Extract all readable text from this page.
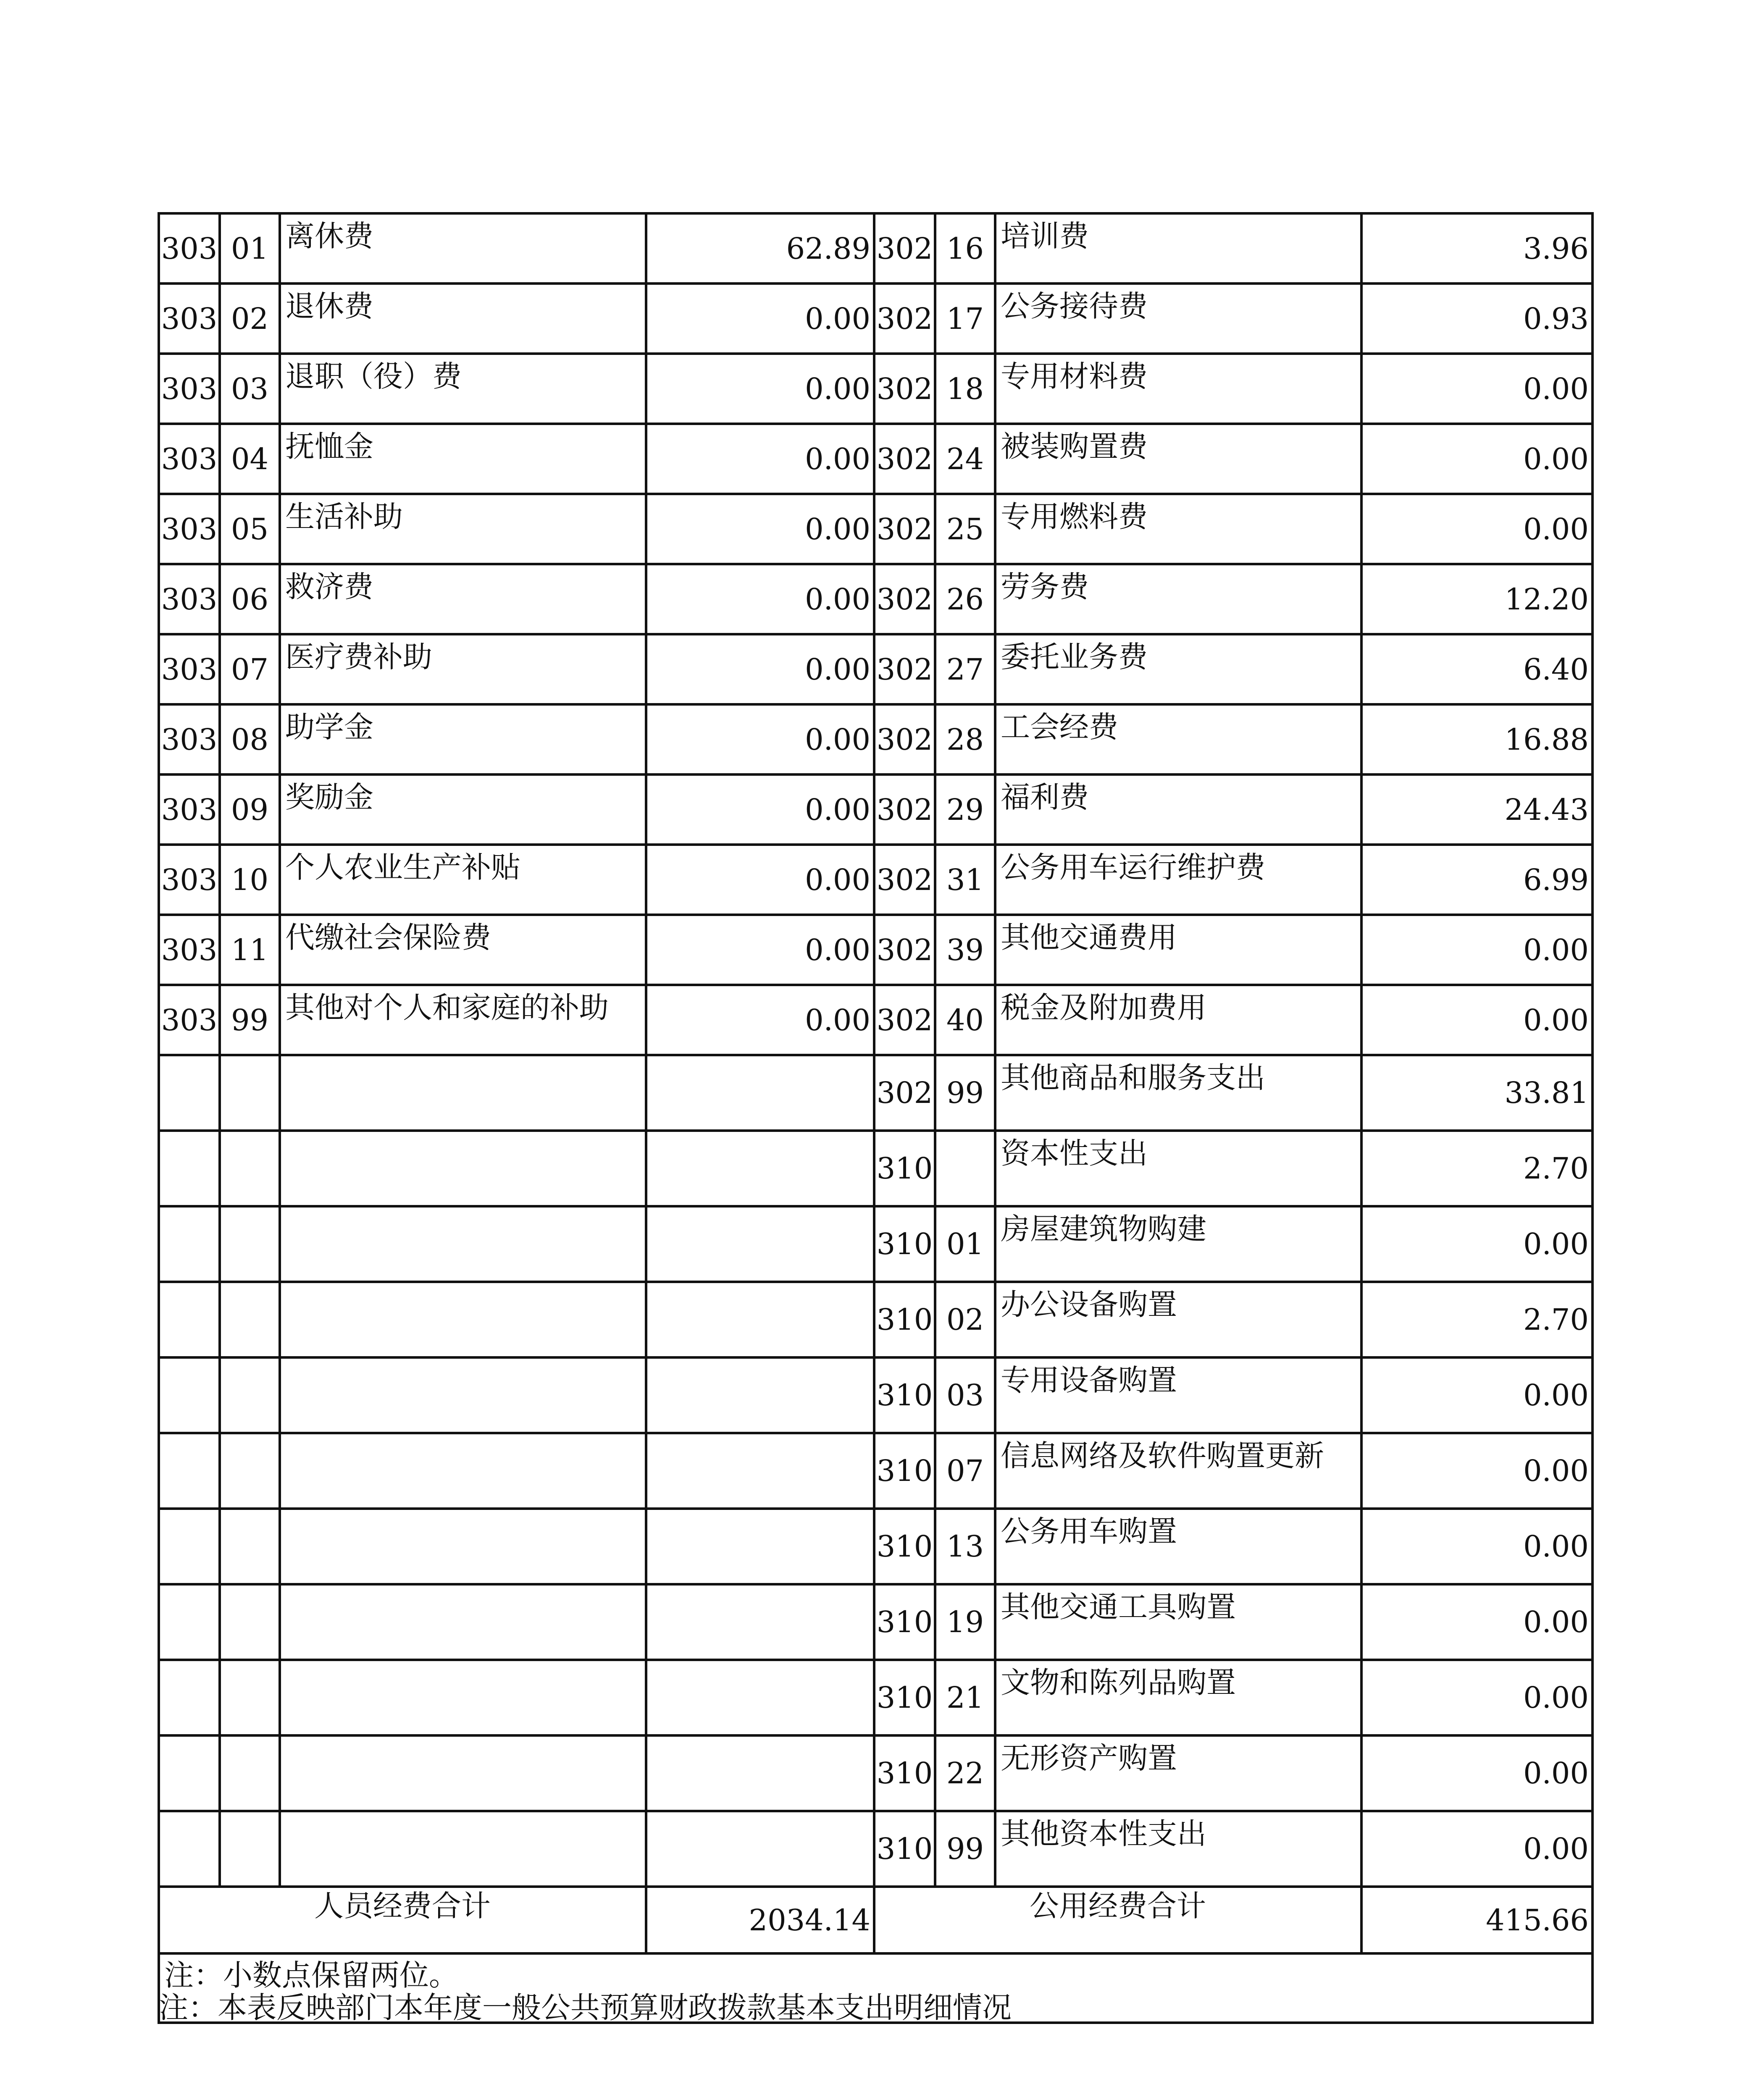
303	01	离休费	62.89	302	16	培训费	3.96
303	02	退休费	0.00	302	17	公务接待费	0.93
303	03	退职（役）费	0.00	302	18	专用材料费	0.00
303	04	抚恤金	0.00	302	24	被装购置费	0.00
303	05	生活补助	0.00	302	25	专用燃料费	0.00
303	06	救济费	0.00	302	26	劳务费	12.20
303	07	医疗费补助	0.00	302	27	委托业务费	6.40
303	08	助学金	0.00	302	28	工会经费	16.88
303	09	奖励金	0.00	302	29	福利费	24.43
303	10	个人农业生产补贴	0.00	302	31	公务用车运行维护费	6.99
303	11	代缴社会保险费	0.00	302	39	其他交通费用	0.00
303	99	其他对个人和家庭的补助	0.00	302	40	税金及附加费用	0.00
				302	99	其他商品和服务支出	33.81
				310		资本性支出	2.70
				310	01	房屋建筑物购建	0.00
				310	02	办公设备购置	2.70
				310	03	专用设备购置	0.00
				310	07	信息网络及软件购置更新	0.00
				310	13	公务用车购置	0.00
				310	19	其他交通工具购置	0.00
				310	21	文物和陈列品购置	0.00
				310	22	无形资产购置	0.00
				310	99	其他资本性支出	0.00
人员经费合计			2034.14	公用经费合计			415.66
注：小数点保留两位。							
注：本表反映部门本年度一般公共预算财政拨款基本支出明细情况
